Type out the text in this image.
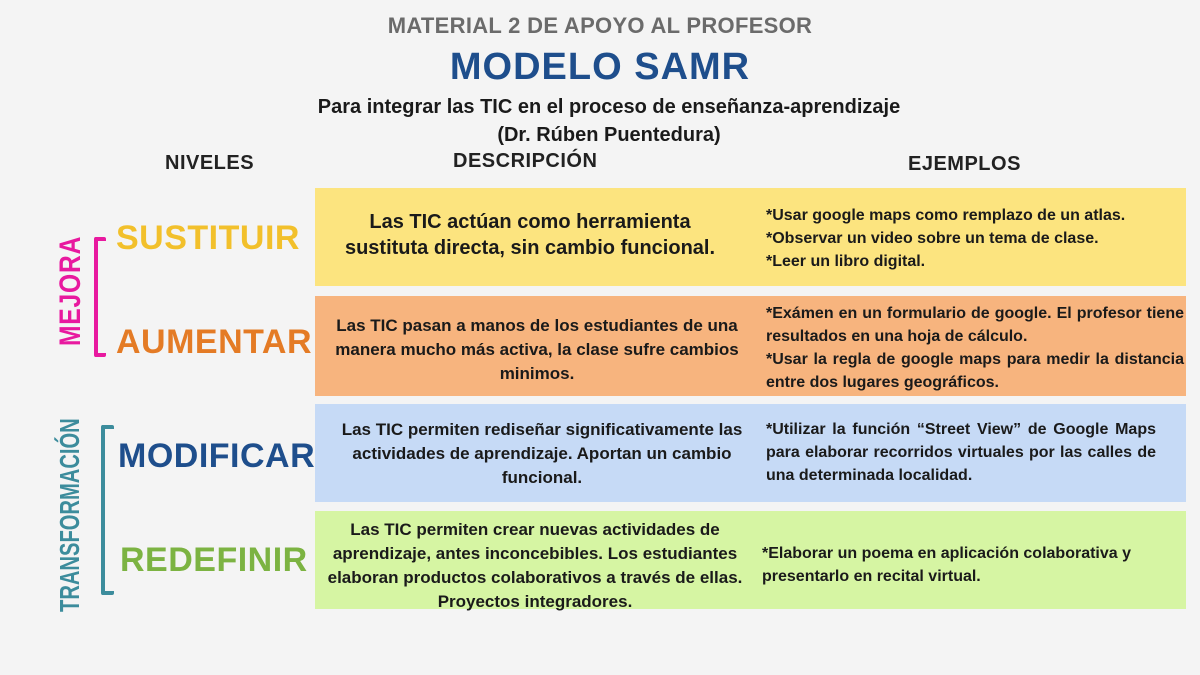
MATERIAL 2 DE APOYO AL PROFESOR
MODELO SAMR
Para integrar las TIC en el proceso de enseñanza-aprendizaje
(Dr. Rúben Puentedura)
NIVELES	DESCRIPCIÓN	EJEMPLOS
MEJORA
TRANSFORMACIÓN
SUSTITUIR
AUMENTAR
MODIFICAR
REDEFINIR
Las TIC actúan como herramienta sustituta directa, sin cambio funcional.
Las TIC pasan a manos de los estudiantes de una manera mucho más activa, la clase sufre cambios minimos.
Las TIC permiten rediseñar significativamente las actividades de aprendizaje. Aportan un cambio funcional.
Las TIC permiten crear nuevas actividades de aprendizaje, antes inconcebibles. Los estudiantes elaboran productos colaborativos a través de ellas. Proyectos integradores.
*Usar google maps como remplazo de un atlas.
*Observar un video sobre un tema de clase.
*Leer un libro digital.
*Exámen en un formulario de google. El profesor tiene resultados en una hoja de cálculo.
*Usar la regla de google maps para medir la distancia entre dos lugares geográficos.
*Utilizar la función “Street View” de Google Maps para elaborar recorridos virtuales por las calles de una determinada localidad.
*Elaborar un poema en aplicación colaborativa y presentarlo en recital virtual.
